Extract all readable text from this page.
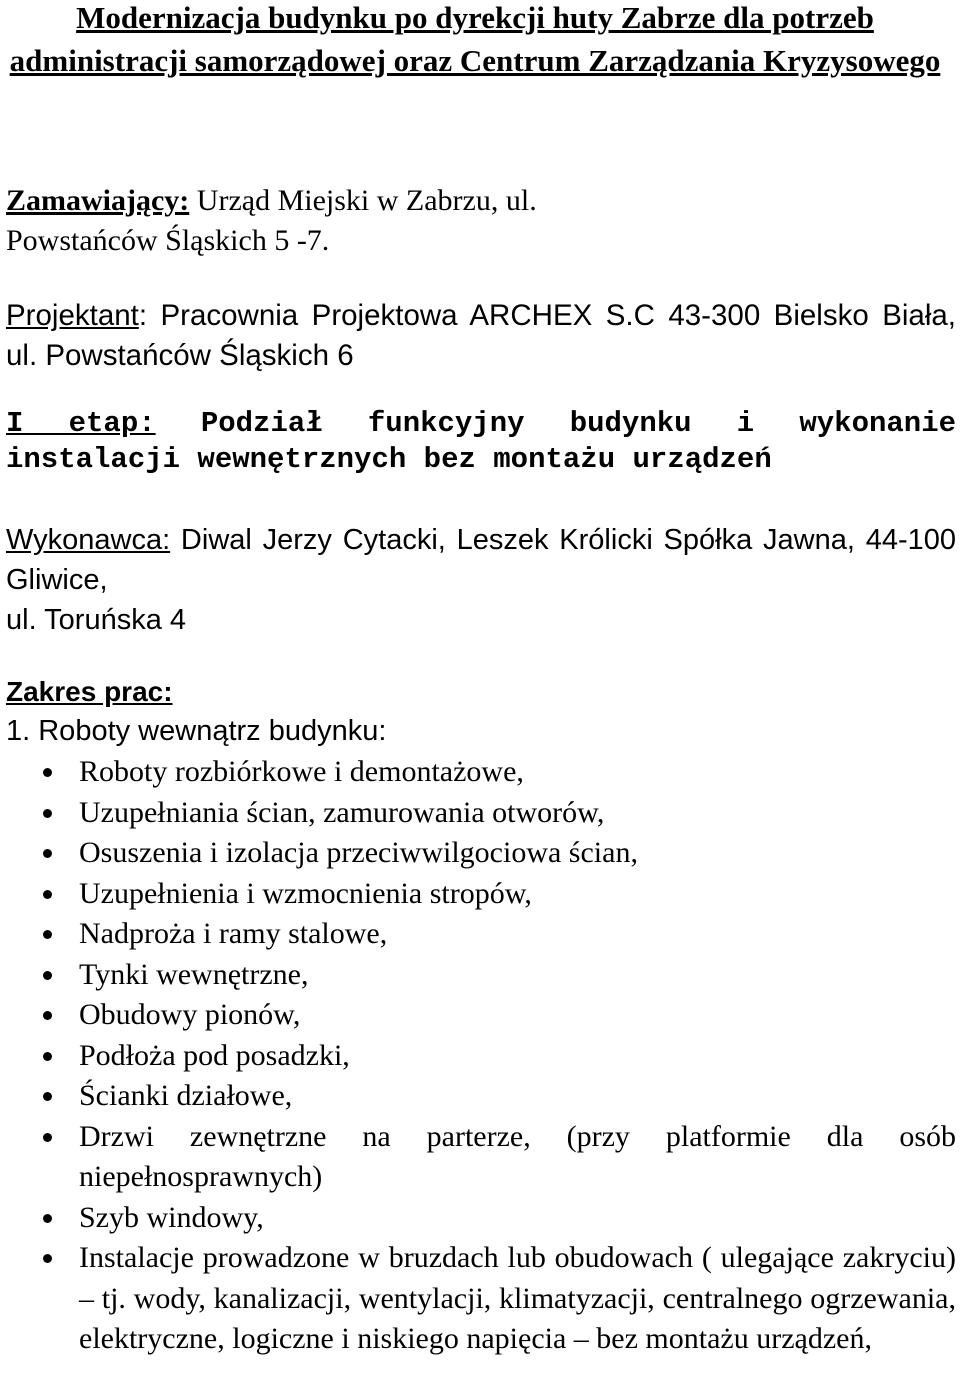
Modernizacja budynku po dyrekcji huty Zabrze dla potrzeb administracji samorządowej oraz Centrum Zarządzania Kryzysowego

Zamawiający: Urząd Miejski w Zabrzu, ul. Powstańców Śląskich 5 -7.

Projektant: Pracownia Projektowa ARCHEX S.C 43-300 Bielsko Biała, ul. Powstańców Śląskich 6

I etap: Podział funkcyjny budynku i wykonanie instalacji wewnętrznych bez montażu urządzeń

Wykonawca: Diwal Jerzy Cytacki, Leszek Królicki Spółka Jawna, 44-100 Gliwice,

ul. Toruńska 4

Zakres prac:

1. Roboty wewnątrz budynku:

Roboty rozbiórkowe i demontażowe,
Uzupełniania ścian, zamurowania otworów,
Osuszenia i izolacja przeciwwilgociowa ścian,
Uzupełnienia i wzmocnienia stropów,
Nadproża i ramy stalowe,
Tynki wewnętrzne,
Obudowy pionów,
Podłoża pod posadzki,
Ścianki działowe,
Drzwi zewnętrzne na parterze, (przy platformie dla osób niepełnosprawnych)
Szyb windowy,
Instalacje prowadzone w bruzdach lub obudowach ( ulegające zakryciu) – tj. wody, kanalizacji, wentylacji, klimatyzacji, centralnego ogrzewania, elektryczne, logiczne i niskiego napięcia – bez montażu urządzeń,
